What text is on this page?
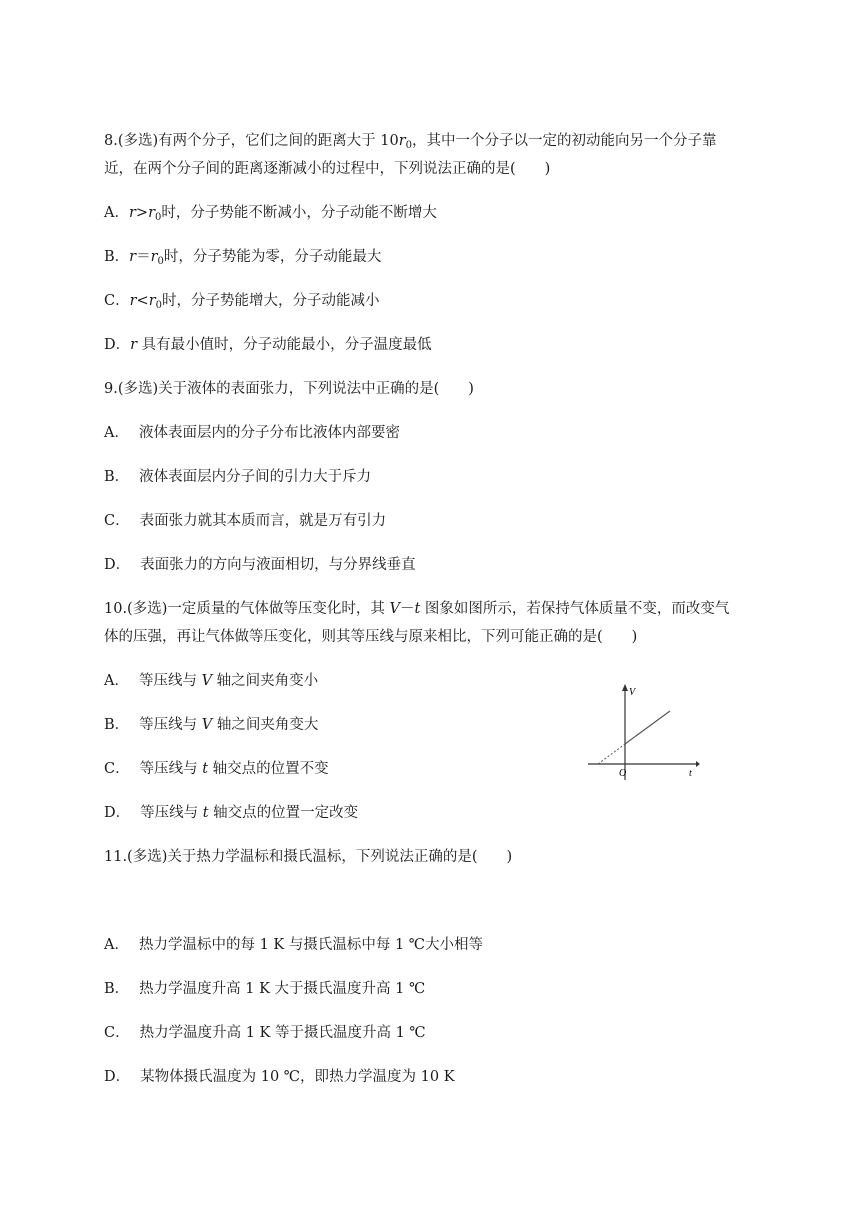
8.(多选)有两个分子，它们之间的距离大于 $10r_0$，其中一个分子以一定的初动能向另一个分子靠
近，在两个分子间的距离逐渐减小的过程中，下列说法正确的是(　　)
A．$r>r_0$时，分子势能不断减小，分子动能不断增大
B．$r=r_0$时，分子势能为零，分子动能最大
C．$r<r_0$时，分子势能增大，分子动能减小
D．r 具有最小值时，分子动能最小，分子温度最低
9.(多选)关于液体的表面张力，下列说法中正确的是(　　)
A． 液体表面层内的分子分布比液体内部要密
B． 液体表面层内分子间的引力大于斥力
C． 表面张力就其本质而言，就是万有引力
D． 表面张力的方向与液面相切，与分界线垂直
10.(多选)一定质量的气体做等压变化时，其 V－t 图象如图所示，若保持气体质量不变，而改变气
体的压强，再让气体做等压变化，则其等压线与原来相比，下列可能正确的是(　　)
A． 等压线与 V 轴之间夹角变小
B． 等压线与 V 轴之间夹角变大
C． 等压线与 t 轴交点的位置不变
D． 等压线与 t 轴交点的位置一定改变
V
t
O
11.(多选)关于热力学温标和摄氏温标，下列说法正确的是(　　)
A． 热力学温标中的每 1 K 与摄氏温标中每 1 ℃大小相等
B． 热力学温度升高 1 K 大于摄氏温度升高 1 ℃
C． 热力学温度升高 1 K 等于摄氏温度升高 1 ℃
D． 某物体摄氏温度为 10 ℃，即热力学温度为 10 K
